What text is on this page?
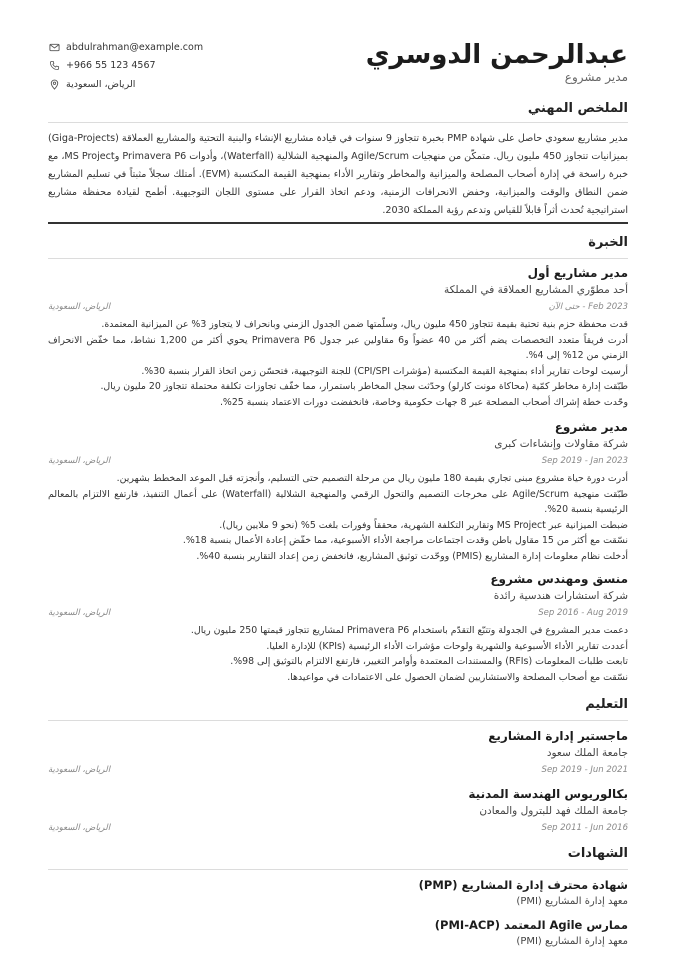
عبدالرحمن الدوسري
مدير مشروع
abdulrahman@example.com
+966 55 123 4567
الرياض، السعودية
الملخص المهني
مدير مشاريع سعودي حاصل على شهادة PMP بخبرة تتجاوز 9 سنوات في قيادة مشاريع الإنشاء والبنية التحتية والمشاريع العملاقة (Giga-Projects) بميزانيات تتجاوز 450 مليون ريال. متمكّن من منهجيات Agile/Scrum والمنهجية الشلالية (Waterfall)، وأدوات Primavera P6 وMS Project، مع خبرة راسخة في إدارة أصحاب المصلحة والميزانية والمخاطر وتقارير الأداء بمنهجية القيمة المكتسبة (EVM). أمتلك سجلاً مثبتاً في تسليم المشاريع ضمن النطاق والوقت والميزانية، وخفض الانحرافات الزمنية، ودعم اتخاذ القرار على مستوى اللجان التوجيهية. أطمح لقيادة محفظة مشاريع استراتيجية تُحدث أثراً قابلاً للقياس وتدعم رؤية المملكة 2030.
الخبرة
مدير مشاريع أول
أحد مطوّري المشاريع العملاقة في المملكة
Feb 2023 - حتى الآن
الرياض، السعودية
قدت محفظة حزم بنية تحتية بقيمة تتجاوز 450 مليون ريال، وسلّمتها ضمن الجدول الزمني وبانحراف لا يتجاوز 3% عن الميزانية المعتمدة.
أدرت فريقاً متعدد التخصصات يضم أكثر من 40 عضواً و6 مقاولين عبر جدول Primavera P6 يحوي أكثر من 1,200 نشاط، مما خفّض الانحراف الزمني من 12% إلى 4%.
أرسيت لوحات تقارير أداء بمنهجية القيمة المكتسبة (مؤشرات CPI/SPI) للجنة التوجيهية، فتحسّن زمن اتخاذ القرار بنسبة 30%.
طبّقت إدارة مخاطر كمّية (محاكاة مونت كارلو) وحدّثت سجل المخاطر باستمرار، مما خفّف تجاوزات تكلفة محتملة تتجاوز 20 مليون ريال.
وحّدت خطة إشراك أصحاب المصلحة عبر 8 جهات حكومية وخاصة، فانخفضت دورات الاعتماد بنسبة 25%.
مدير مشروع
شركة مقاولات وإنشاءات كبرى
Sep 2019 - Jan 2023
الرياض، السعودية
أدرت دورة حياة مشروع مبنى تجاري بقيمة 180 مليون ريال من مرحلة التصميم حتى التسليم، وأنجزته قبل الموعد المخطط بشهرين.
طبّقت منهجية Agile/Scrum على مخرجات التصميم والتحول الرقمي والمنهجية الشلالية (Waterfall) على أعمال التنفيذ، فارتفع الالتزام بالمعالم الرئيسية بنسبة 20%.
ضبطت الميزانية عبر MS Project وتقارير التكلفة الشهرية، محققاً وفورات بلغت 5% (نحو 9 ملايين ريال).
نسّقت مع أكثر من 15 مقاول باطن وقدت اجتماعات مراجعة الأداء الأسبوعية، مما خفّض إعادة الأعمال بنسبة 18%.
أدخلت نظام معلومات إدارة المشاريع (PMIS) ووحّدت توثيق المشاريع، فانخفض زمن إعداد التقارير بنسبة 40%.
منسق ومهندس مشروع
شركة استشارات هندسية رائدة
Sep 2016 - Aug 2019
الرياض، السعودية
دعمت مدير المشروع في الجدولة وتتبّع التقدّم باستخدام Primavera P6 لمشاريع تتجاوز قيمتها 250 مليون ريال.
أعددت تقارير الأداء الأسبوعية والشهرية ولوحات مؤشرات الأداء الرئيسية (KPIs) للإدارة العليا.
تابعت طلبات المعلومات (RFIs) والمستندات المعتمدة وأوامر التغيير، فارتفع الالتزام بالتوثيق إلى 98%.
نسّقت مع أصحاب المصلحة والاستشاريين لضمان الحصول على الاعتمادات في مواعيدها.
التعليم
ماجستير إدارة المشاريع
جامعة الملك سعود
Sep 2019 - Jun 2021
الرياض، السعودية
بكالوريوس الهندسة المدنية
جامعة الملك فهد للبترول والمعادن
Sep 2011 - Jun 2016
الرياض، السعودية
الشهادات
شهادة محترف إدارة المشاريع (PMP)
معهد إدارة المشاريع (PMI)
ممارس Agile المعتمد (PMI-ACP)
معهد إدارة المشاريع (PMI)
